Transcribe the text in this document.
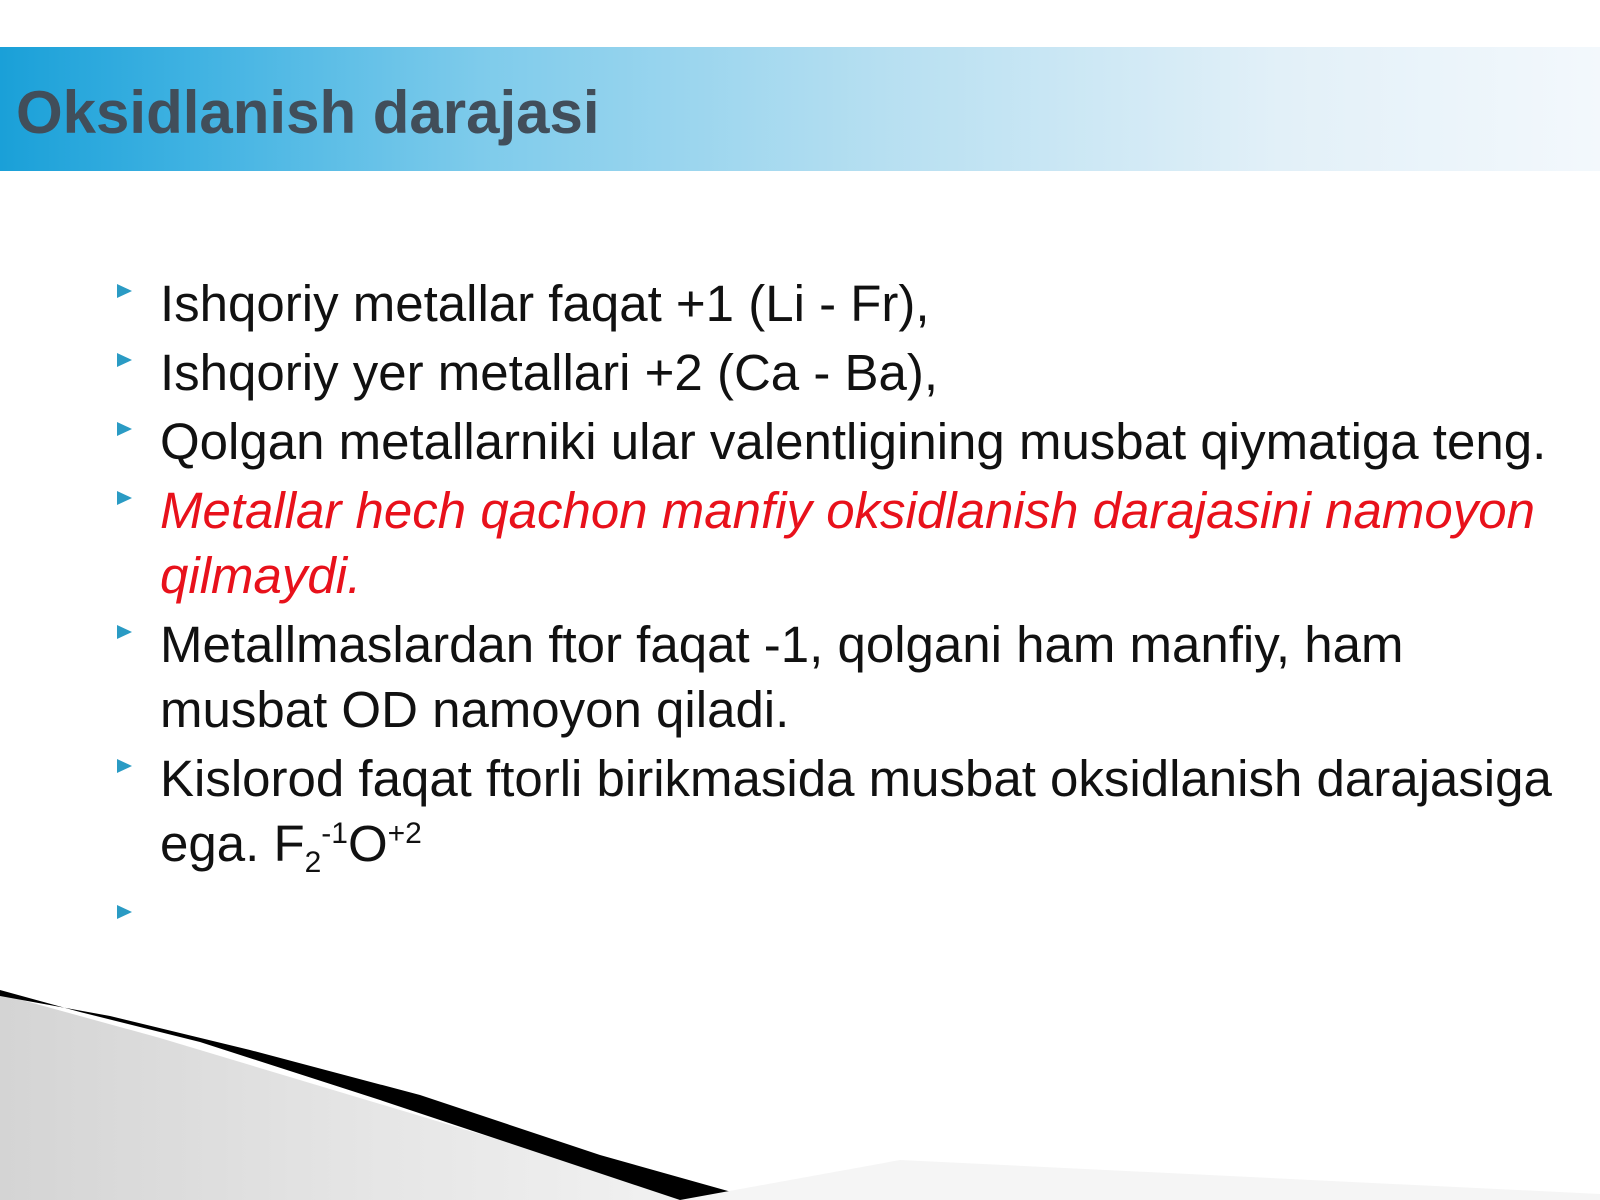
Oksidlanish darajasi
Ishqoriy metallar faqat +1 (Li - Fr),
Ishqoriy yer metallari +2 (Ca - Ba),
Qolgan metallarniki ular valentligining musbat qiymatiga teng.
Metallar hech qachon manfiy oksidlanish darajasini namoyon qilmaydi.
Metallmaslardan ftor faqat -1, qolgani ham manfiy, ham musbat OD namoyon qiladi.
Kislorod faqat ftorli birikmasida musbat oksidlanish darajasiga ega. $F_2^{-1}O^{+2}$
